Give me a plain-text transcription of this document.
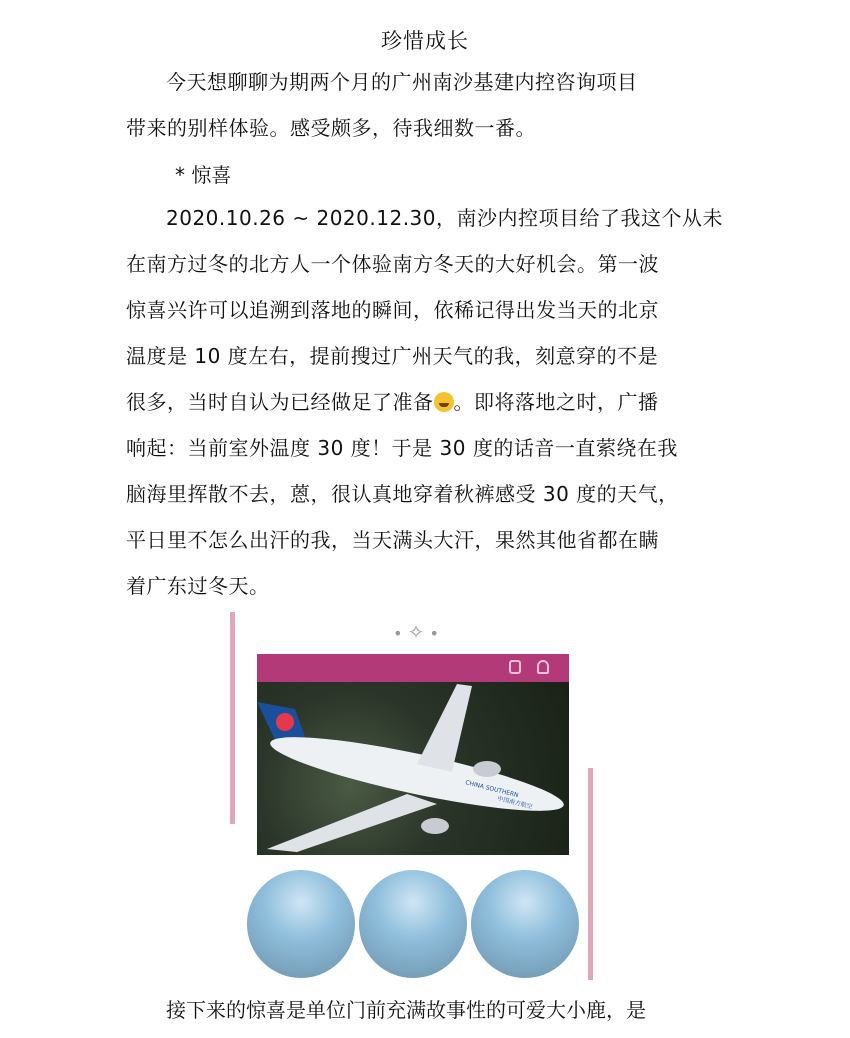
珍惜成长

今天想聊聊为期两个月的广州南沙基建内控咨询项目

带来的别样体验。感受颇多，待我细数一番。

* 惊喜

2020.10.26 ~ 2020.12.30，南沙内控项目给了我这个从未

在南方过冬的北方人一个体验南方冬天的大好机会。第一波

惊喜兴许可以追溯到落地的瞬间，依稀记得出发当天的北京

温度是 10 度左右，提前搜过广州天气的我，刻意穿的不是

很多，当时自认为已经做足了准备 。即将落地之时，广播

响起：当前室外温度 30 度！于是 30 度的话音一直萦绕在我

脑海里挥散不去，蒽，很认真地穿着秋裤感受 30 度的天气，

平日里不怎么出汗的我，当天满头大汗，果然其他省都在瞒

着广东过冬天。

• ✧ •
CHINA SOUTHERN
中国南方航空
接下来的惊喜是单位门前充满故事性的可爱大小鹿，是
